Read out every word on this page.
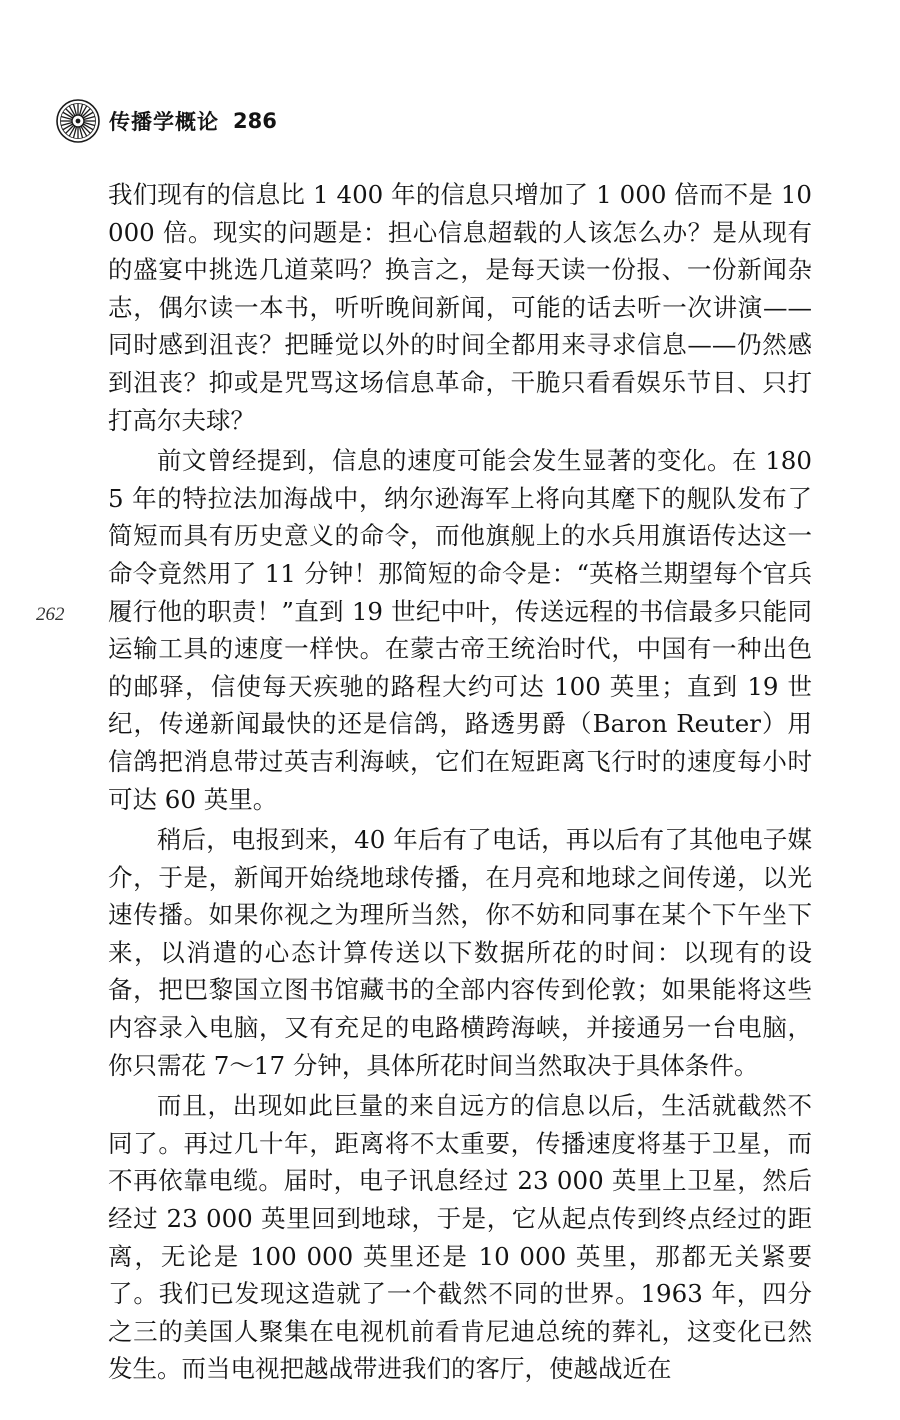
传播学概论 286
262

我们现有的信息比 1 400 年的信息只增加了 1 000 倍而不是 10 000 倍。现实的问题是：担心信息超载的人该怎么办？是从现有的盛宴中挑选几道菜吗？换言之，是每天读一份报、一份新闻杂志，偶尔读一本书，听听晚间新闻，可能的话去听一次讲演——同时感到沮丧？把睡觉以外的时间全都用来寻求信息——仍然感到沮丧？抑或是咒骂这场信息革命，干脆只看看娱乐节目、只打打高尔夫球？

前文曾经提到，信息的速度可能会发生显著的变化。在 1805 年的特拉法加海战中，纳尔逊海军上将向其麾下的舰队发布了简短而具有历史意义的命令，而他旗舰上的水兵用旗语传达这一命令竟然用了 11 分钟！那简短的命令是：“英格兰期望每个官兵履行他的职责！”直到 19 世纪中叶，传送远程的书信最多只能同运输工具的速度一样快。在蒙古帝王统治时代，中国有一种出色的邮驿，信使每天疾驰的路程大约可达 100 英里；直到 19 世纪，传递新闻最快的还是信鸽，路透男爵（Baron Reuter）用信鸽把消息带过英吉利海峡，它们在短距离飞行时的速度每小时可达 60 英里。

稍后，电报到来，40 年后有了电话，再以后有了其他电子媒介，于是，新闻开始绕地球传播，在月亮和地球之间传递，以光速传播。如果你视之为理所当然，你不妨和同事在某个下午坐下来，以消遣的心态计算传送以下数据所花的时间：以现有的设备，把巴黎国立图书馆藏书的全部内容传到伦敦；如果能将这些内容录入电脑，又有充足的电路横跨海峡，并接通另一台电脑，你只需花 7～17 分钟，具体所花时间当然取决于具体条件。

而且，出现如此巨量的来自远方的信息以后，生活就截然不同了。再过几十年，距离将不太重要，传播速度将基于卫星，而不再依靠电缆。届时，电子讯息经过 23 000 英里上卫星，然后经过 23 000 英里回到地球，于是，它从起点传到终点经过的距离，无论是 100 000 英里还是 10 000 英里，那都无关紧要了。我们已发现这造就了一个截然不同的世界。1963 年，四分之三的美国人聚集在电视机前看肯尼迪总统的葬礼，这变化已然发生。而当电视把越战带进我们的客厅，使越战近在
